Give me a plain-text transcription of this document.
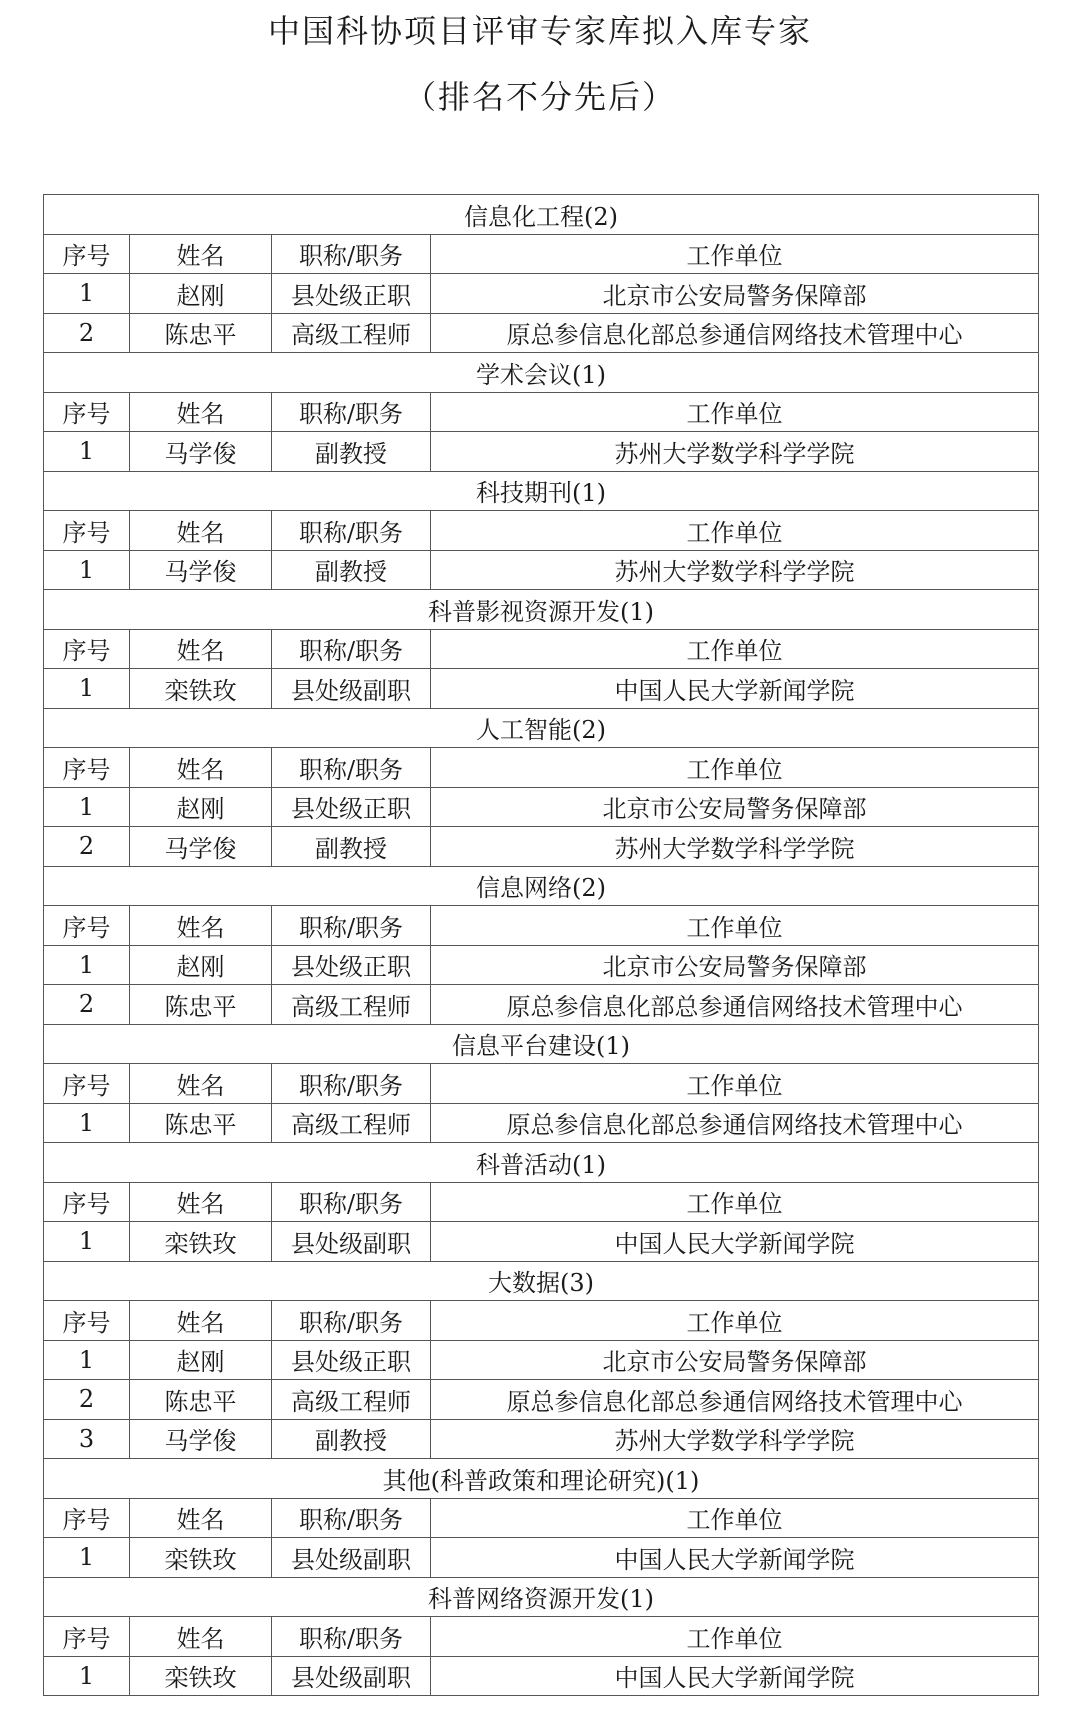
中国科协项目评审专家库拟入库专家
（排名不分先后）
信息化工程(2)			
序号	姓名	职称/职务	工作单位
1	赵刚	县处级正职	北京市公安局警务保障部
2	陈忠平	高级工程师	原总参信息化部总参通信网络技术管理中心
学术会议(1)			
序号	姓名	职称/职务	工作单位
1	马学俊	副教授	苏州大学数学科学学院
科技期刊(1)			
序号	姓名	职称/职务	工作单位
1	马学俊	副教授	苏州大学数学科学学院
科普影视资源开发(1)			
序号	姓名	职称/职务	工作单位
1	栾铁玫	县处级副职	中国人民大学新闻学院
人工智能(2)			
序号	姓名	职称/职务	工作单位
1	赵刚	县处级正职	北京市公安局警务保障部
2	马学俊	副教授	苏州大学数学科学学院
信息网络(2)			
序号	姓名	职称/职务	工作单位
1	赵刚	县处级正职	北京市公安局警务保障部
2	陈忠平	高级工程师	原总参信息化部总参通信网络技术管理中心
信息平台建设(1)			
序号	姓名	职称/职务	工作单位
1	陈忠平	高级工程师	原总参信息化部总参通信网络技术管理中心
科普活动(1)			
序号	姓名	职称/职务	工作单位
1	栾铁玫	县处级副职	中国人民大学新闻学院
大数据(3)			
序号	姓名	职称/职务	工作单位
1	赵刚	县处级正职	北京市公安局警务保障部
2	陈忠平	高级工程师	原总参信息化部总参通信网络技术管理中心
3	马学俊	副教授	苏州大学数学科学学院
其他(科普政策和理论研究)(1)			
序号	姓名	职称/职务	工作单位
1	栾铁玫	县处级副职	中国人民大学新闻学院
科普网络资源开发(1)			
序号	姓名	职称/职务	工作单位
1	栾铁玫	县处级副职	中国人民大学新闻学院
